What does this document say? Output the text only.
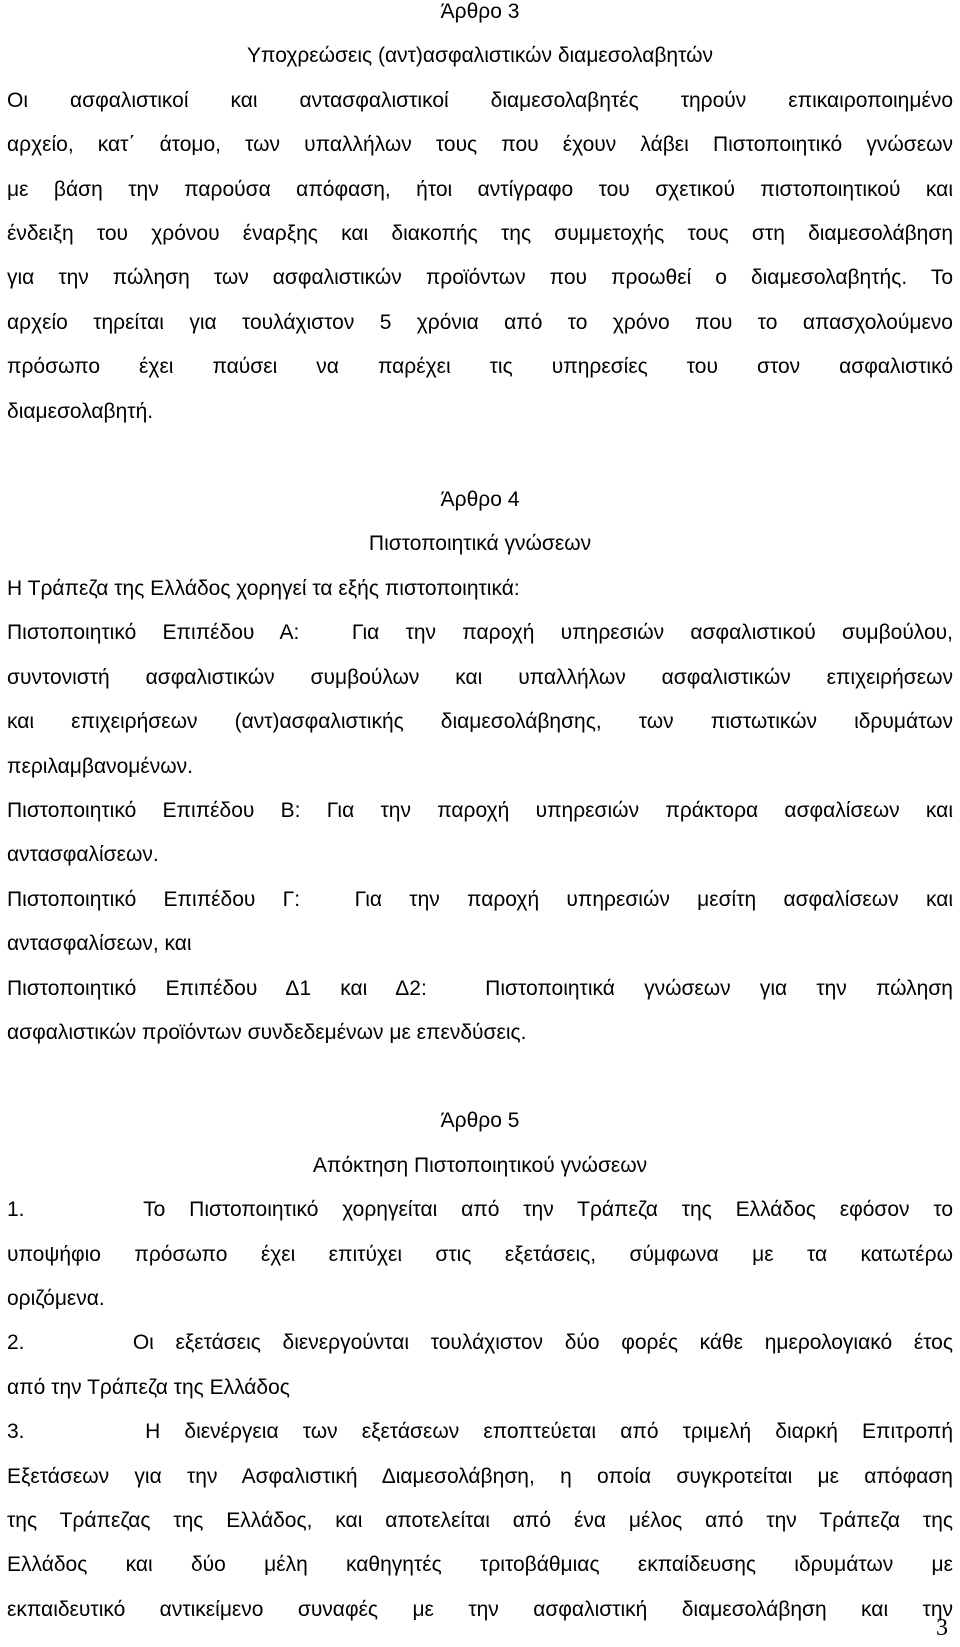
Άρθρο 3
Υποχρεώσεις (αντ)ασφαλιστικών διαμεσολαβητών
Οι ασφαλιστικοί και αντασφαλιστικοί διαμεσολαβητές τηρούν επικαιροποιημένο
αρχείο, κατ΄ άτομο, των υπαλλήλων τους που έχουν λάβει Πιστοποιητικό γνώσεων
με βάση την παρούσα απόφαση, ήτοι αντίγραφο του σχετικού πιστοποιητικού και
ένδειξη του χρόνου έναρξης και διακοπής της συμμετοχής τους στη διαμεσολάβηση
για την πώληση των ασφαλιστικών προϊόντων που προωθεί ο διαμεσολαβητής. Το
αρχείο τηρείται για τουλάχιστον 5 χρόνια από το χρόνο που το απασχολούμενο
πρόσωπο έχει παύσει να παρέχει τις υπηρεσίες του στον ασφαλιστικό
διαμεσολαβητή.
Άρθρο 4
Πιστοποιητικά γνώσεων
Η Τράπεζα της Ελλάδος χορηγεί τα εξής πιστοποιητικά:
Πιστοποιητικό Επιπέδου Α:  Για την παροχή υπηρεσιών ασφαλιστικού συμβούλου,
συντονιστή ασφαλιστικών συμβούλων και υπαλλήλων ασφαλιστικών επιχειρήσεων
και επιχειρήσεων (αντ)ασφαλιστικής διαμεσολάβησης, των πιστωτικών ιδρυμάτων
περιλαμβανομένων.
Πιστοποιητικό Επιπέδου Β: Για την παροχή υπηρεσιών πράκτορα ασφαλίσεων και
αντασφαλίσεων.
Πιστοποιητικό Επιπέδου Γ:  Για την παροχή υπηρεσιών μεσίτη ασφαλίσεων και
αντασφαλίσεων, και
Πιστοποιητικό Επιπέδου Δ1 και Δ2:  Πιστοποιητικά γνώσεων για την πώληση
ασφαλιστικών προϊόντων συνδεδεμένων με επενδύσεις.
Άρθρο 5
Απόκτηση Πιστοποιητικού γνώσεων
1.     Το Πιστοποιητικό χορηγείται από την Τράπεζα της Ελλάδος εφόσον το
υποψήφιο πρόσωπο έχει επιτύχει στις εξετάσεις, σύμφωνα με τα κατωτέρω
οριζόμενα.
2.     Οι εξετάσεις διενεργούνται τουλάχιστον δύο φορές κάθε ημερολογιακό έτος
από την Τράπεζα της Ελλάδος
3.     Η διενέργεια των εξετάσεων εποπτεύεται από τριμελή διαρκή Επιτροπή
Εξετάσεων για την Ασφαλιστική Διαμεσολάβηση, η οποία συγκροτείται με απόφαση
της Τράπεζας της Ελλάδος, και αποτελείται από ένα μέλος από την Τράπεζα της
Ελλάδος και δύο μέλη καθηγητές τριτοβάθμιας εκπαίδευσης ιδρυμάτων με
εκπαιδευτικό αντικείμενο συναφές με την ασφαλιστική διαμεσολάβηση και την
3
